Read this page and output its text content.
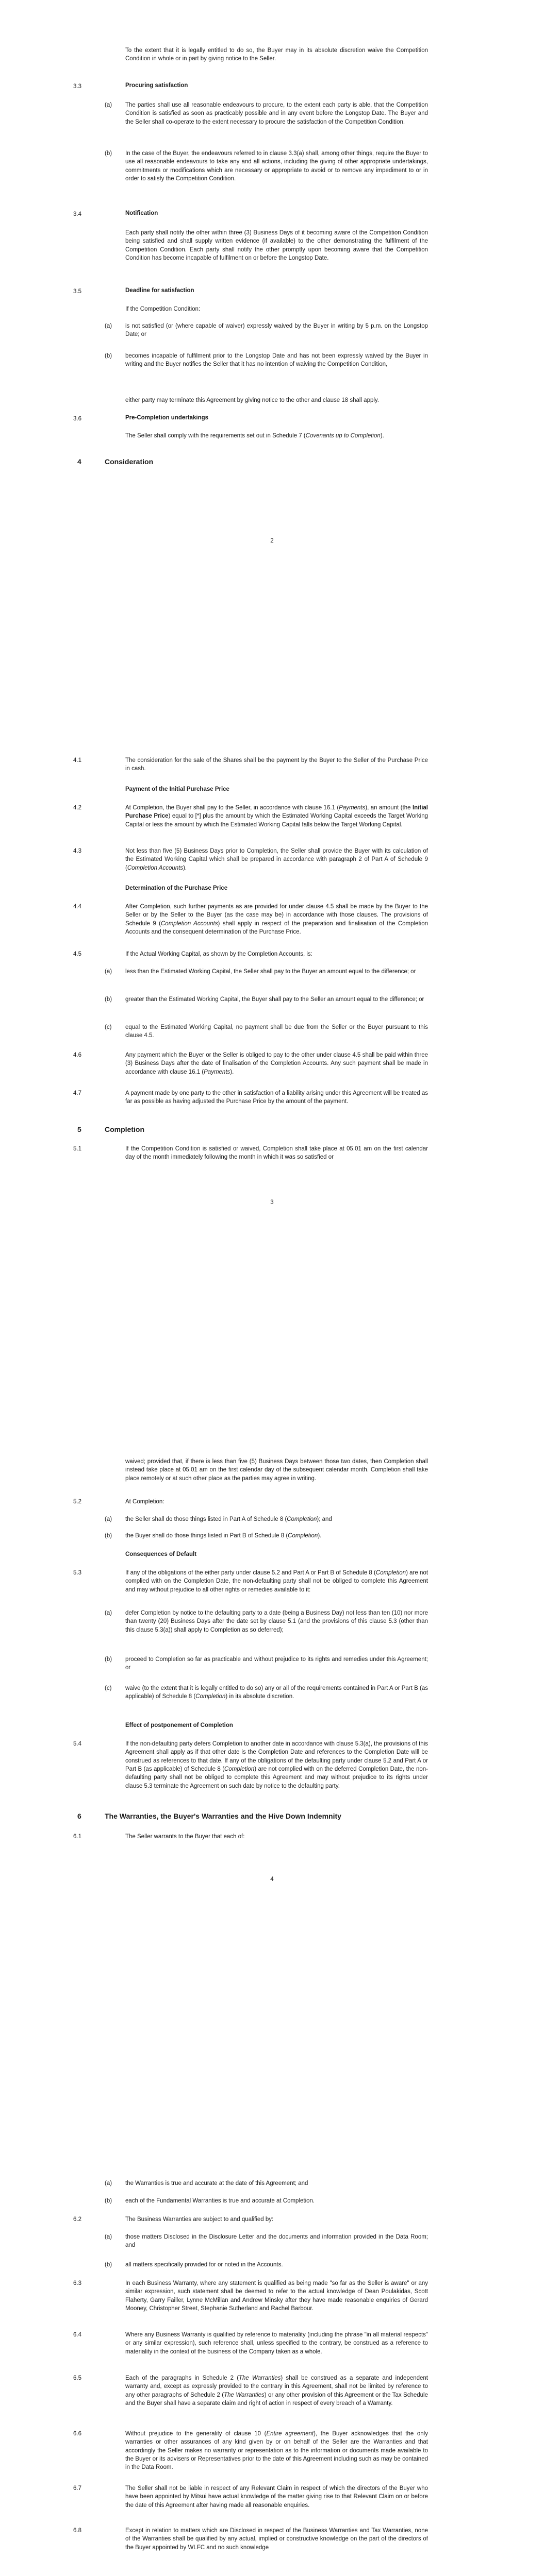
To the extent that it is legally entitled to do so, the Buyer may in its absolute discretion waive the Competition Condition in whole or in part by giving notice to the Seller.

3.3	Procuring satisfaction

(a) The parties shall use all reasonable endeavours to procure, to the extent each party is able, that the Competition Condition is satisfied as soon as practicably possible and in any event before the Longstop Date. The Buyer and the Seller shall co-operate to the extent necessary to procure the satisfaction of the Competition Condition.

(b) In the case of the Buyer, the endeavours referred to in clause 3.3(a) shall, among other things, require the Buyer to use all reasonable endeavours to take any and all actions, including the giving of other appropriate undertakings, commitments or modifications which are necessary or appropriate to avoid or to remove any impediment to or in order to satisfy the Competition Condition.

3.4	Notification

Each party shall notify the other within three (3) Business Days of it becoming aware of the Competition Condition being satisfied and shall supply written evidence (if available) to the other demonstrating the fulfilment of the Competition Condition. Each party shall notify the other promptly upon becoming aware that the Competition Condition has become incapable of fulfilment on or before the Longstop Date.

3.5	Deadline for satisfaction

If the Competition Condition:

(a) is not satisfied (or (where capable of waiver) expressly waived by the Buyer in writing by 5 p.m. on the Longstop Date; or

(b) becomes incapable of fulfilment prior to the Longstop Date and has not been expressly waived by the Buyer in writing and the Buyer notifies the Seller that it has no intention of waiving the Competition Condition,

either party may terminate this Agreement by giving notice to the other and clause 18 shall apply.

3.6	Pre-Completion undertakings

The Seller shall comply with the requirements set out in Schedule 7 (Covenants up to Completion).

4	Consideration

2

4.1	The consideration for the sale of the Shares shall be the payment by the Buyer to the Seller of the Purchase Price in cash.

Payment of the Initial Purchase Price

4.2	At Completion, the Buyer shall pay to the Seller, in accordance with clause 16.1 (Payments), an amount (the Initial Purchase Price) equal to [*] plus the amount by which the Estimated Working Capital exceeds the Target Working Capital or less the amount by which the Estimated Working Capital falls below the Target Working Capital.

4.3	Not less than five (5) Business Days prior to Completion, the Seller shall provide the Buyer with its calculation of the Estimated Working Capital which shall be prepared in accordance with paragraph 2 of Part A of Schedule 9 (Completion Accounts).

Determination of the Purchase Price

4.4	After Completion, such further payments as are provided for under clause 4.5 shall be made by the Buyer to the Seller or by the Seller to the Buyer (as the case may be) in accordance with those clauses. The provisions of Schedule 9 (Completion Accounts) shall apply in respect of the preparation and finalisation of the Completion Accounts and the consequent determination of the Purchase Price.

4.5	If the Actual Working Capital, as shown by the Completion Accounts, is:

(a) less than the Estimated Working Capital, the Seller shall pay to the Buyer an amount equal to the difference; or

(b) greater than the Estimated Working Capital, the Buyer shall pay to the Seller an amount equal to the difference; or

(c) equal to the Estimated Working Capital, no payment shall be due from the Seller or the Buyer pursuant to this clause 4.5.

4.6	Any payment which the Buyer or the Seller is obliged to pay to the other under clause 4.5 shall be paid within three (3) Business Days after the date of finalisation of the Completion Accounts. Any such payment shall be made in accordance with clause 16.1 (Payments).

4.7	A payment made by one party to the other in satisfaction of a liability arising under this Agreement will be treated as far as possible as having adjusted the Purchase Price by the amount of the payment.

5	Completion

5.1	If the Competition Condition is satisfied or waived, Completion shall take place at 05.01 am on the first calendar day of the month immediately following the month in which it was so satisfied or

3

waived; provided that, if there is less than five (5) Business Days between those two dates, then Completion shall instead take place at 05.01 am on the first calendar day of the subsequent calendar month. Completion shall take place remotely or at such other place as the parties may agree in writing.

5.2	At Completion:

(a) the Seller shall do those things listed in Part A of Schedule 8 (Completion); and

(b) the Buyer shall do those things listed in Part B of Schedule 8 (Completion).

Consequences of Default

5.3	If any of the obligations of the either party under clause 5.2 and Part A or Part B of Schedule 8 (Completion) are not complied with on the Completion Date, the non-defaulting party shall not be obliged to complete this Agreement and may without prejudice to all other rights or remedies available to it:

(a) defer Completion by notice to the defaulting party to a date (being a Business Day) not less than ten (10) nor more than twenty (20) Business Days after the date set by clause 5.1 (and the provisions of this clause 5.3 (other than this clause 5.3(a)) shall apply to Completion as so deferred);

(b) proceed to Completion so far as practicable and without prejudice to its rights and remedies under this Agreement; or

(c) waive (to the extent that it is legally entitled to do so) any or all of the requirements contained in Part A or Part B (as applicable) of Schedule 8 (Completion) in its absolute discretion.

Effect of postponement of Completion

5.4	If the non-defaulting party defers Completion to another date in accordance with clause 5.3(a), the provisions of this Agreement shall apply as if that other date is the Completion Date and references to the Completion Date will be construed as references to that date. If any of the obligations of the defaulting party under clause 5.2 and Part A or Part B (as applicable) of Schedule 8 (Completion) are not complied with on the deferred Completion Date, the non-defaulting party shall not be obliged to complete this Agreement and may without prejudice to its rights under clause 5.3 terminate the Agreement on such date by notice to the defaulting party.

6	The Warranties, the Buyer's Warranties and the Hive Down Indemnity

6.1	The Seller warrants to the Buyer that each of:

4

(a) the Warranties is true and accurate at the date of this Agreement; and

(b) each of the Fundamental Warranties is true and accurate at Completion.

6.2	The Business Warranties are subject to and qualified by:

(a) those matters Disclosed in the Disclosure Letter and the documents and information provided in the Data Room; and

(b) all matters specifically provided for or noted in the Accounts.

6.3	In each Business Warranty, where any statement is qualified as being made "so far as the Seller is aware" or any similar expression, such statement shall be deemed to refer to the actual knowledge of Dean Poulakidas, Scott Flaherty, Garry Failler, Lynne McMillan and Andrew Minsky after they have made reasonable enquiries of Gerard Mooney, Christopher Street, Stephanie Sutherland and Rachel Barbour.

6.4	Where any Business Warranty is qualified by reference to materiality (including the phrase "in all material respects" or any similar expression), such reference shall, unless specified to the contrary, be construed as a reference to materiality in the context of the business of the Company taken as a whole.

6.5	Each of the paragraphs in Schedule 2 (The Warranties) shall be construed as a separate and independent warranty and, except as expressly provided to the contrary in this Agreement, shall not be limited by reference to any other paragraphs of Schedule 2 (The Warranties) or any other provision of this Agreement or the Tax Schedule and the Buyer shall have a separate claim and right of action in respect of every breach of a Warranty.

6.6	Without prejudice to the generality of clause 10 (Entire agreement), the Buyer acknowledges that the only warranties or other assurances of any kind given by or on behalf of the Seller are the Warranties and that accordingly the Seller makes no warranty or representation as to the information or documents made available to the Buyer or its advisers or Representatives prior to the date of this Agreement including such as may be contained in the Data Room.

6.7	The Seller shall not be liable in respect of any Relevant Claim in respect of which the directors of the Buyer who have been appointed by Mitsui have actual knowledge of the matter giving rise to that Relevant Claim on or before the date of this Agreement after having made all reasonable enquiries.

6.8	Except in relation to matters which are Disclosed in respect of the Business Warranties and Tax Warranties, none of the Warranties shall be qualified by any actual, implied or constructive knowledge on the part of the directors of the Buyer appointed by WLFC and no such knowledge
